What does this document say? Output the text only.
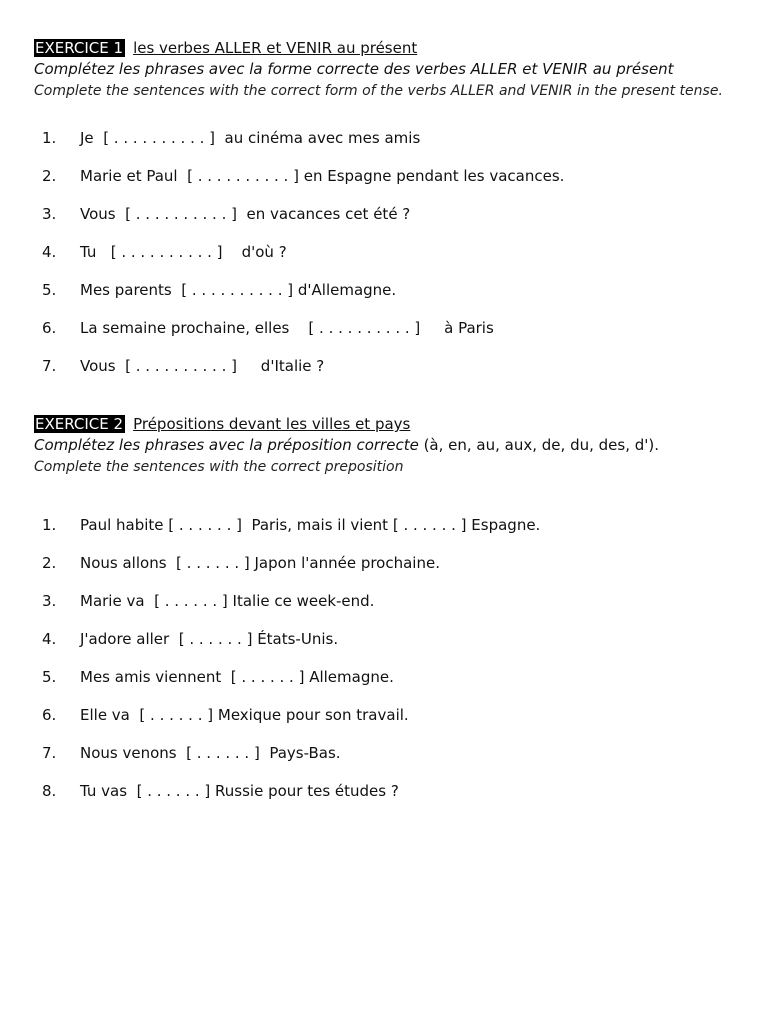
EXERCICE 1 les verbes ALLER et VENIR au présent
Complétez les phrases avec la forme correcte des verbes ALLER et VENIR au présent
Complete the sentences with the correct form of the verbs ALLER and VENIR in the present tense.
1.	Je  [ . . . . . . . . . . ]  au cinéma avec mes amis
2.	Marie et Paul  [ . . . . . . . . . . ] en Espagne pendant les vacances.
3.	Vous  [ . . . . . . . . . . ]  en vacances cet été ?
4.	Tu   [ . . . . . . . . . . ]    d'où ?
5.	Mes parents  [ . . . . . . . . . . ] d'Allemagne.
6.	La semaine prochaine, elles    [ . . . . . . . . . . ]     à Paris
7.	Vous  [ . . . . . . . . . . ]     d'Italie ?
EXERCICE 2 Prépositions devant les villes et pays
Complétez les phrases avec la préposition correcte (à, en, au, aux, de, du, des, d').
Complete the sentences with the correct preposition
1.	Paul habite [ . . . . . . ]  Paris, mais il vient [ . . . . . . ] Espagne.
2.	Nous allons  [ . . . . . . ] Japon l'année prochaine.
3.	Marie va  [ . . . . . . ] Italie ce week-end.
4.	J'adore aller  [ . . . . . . ] États-Unis.
5.	Mes amis viennent  [ . . . . . . ] Allemagne.
6.	Elle va  [ . . . . . . ] Mexique pour son travail.
7.	Nous venons  [ . . . . . . ]  Pays-Bas.
8.	Tu vas  [ . . . . . . ] Russie pour tes études ?
